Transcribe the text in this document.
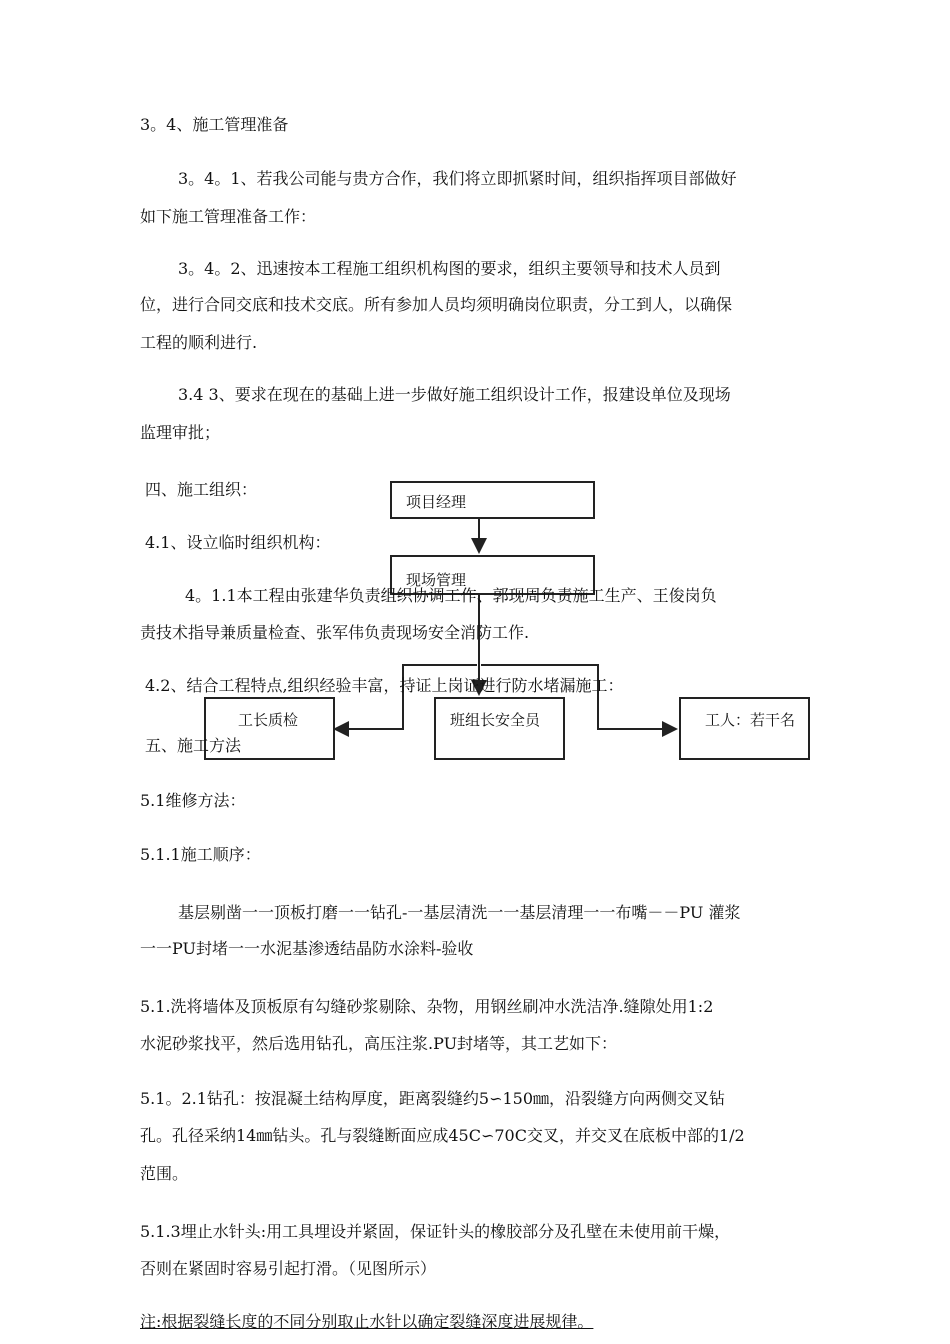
项目经理
现场管理
工长质检	班组长安全员	工人：若干名
3。4、施工管理准备
3。4。1、若我公司能与贵方合作，我们将立即抓紧时间，组织指挥项目部做好
如下施工管理准备工作：
3。4。2、迅速按本工程施工组织机构图的要求，组织主要领导和技术人员到
位，进行合同交底和技术交底。所有参加人员均须明确岗位职责，分工到人，以确保
工程的顺利进行.
3.4 3、要求在现在的基础上进一步做好施工组织设计工作，报建设单位及现场
监理审批；
四、施工组织：
4.1、设立临时组织机构：
4。1.1本工程由张建华负责组织协调工作、郭现周负责施工生产、王俊岗负
责技术指导兼质量检查、张军伟负责现场安全消防工作.
4.2、结合工程特点,组织经验丰富，持证上岗证进行防水堵漏施工：
五、施工方法
5.1维修方法：
5.1.1施工顺序：
基层剔凿一一顶板打磨一一钻孔-一基层清洗一一基层清理一一布嘴－－PU 灌浆
一一PU封堵一一水泥基渗透结晶防水涂料-验收
5.1.洗将墙体及顶板原有勾缝砂浆剔除、杂物，用钢丝刷冲水洗洁净.缝隙处用1:2
水泥砂浆找平，然后选用钻孔，高压注浆.PU封堵等，其工艺如下：
5.1。2.1钻孔：按混凝土结构厚度，距离裂缝约5∽150㎜，沿裂缝方向两侧交叉钻
孔。孔径采纳14㎜钻头。孔与裂缝断面应成45C∽70C交叉，并交叉在底板中部的1/2
范围。
5.1.3埋止水针头:用工具埋设并紧固，保证针头的橡胶部分及孔壁在未使用前干燥，
否则在紧固时容易引起打滑。（见图所示）
注:根据裂缝长度的不同分别取止水针以确定裂缝深度进展规律。
